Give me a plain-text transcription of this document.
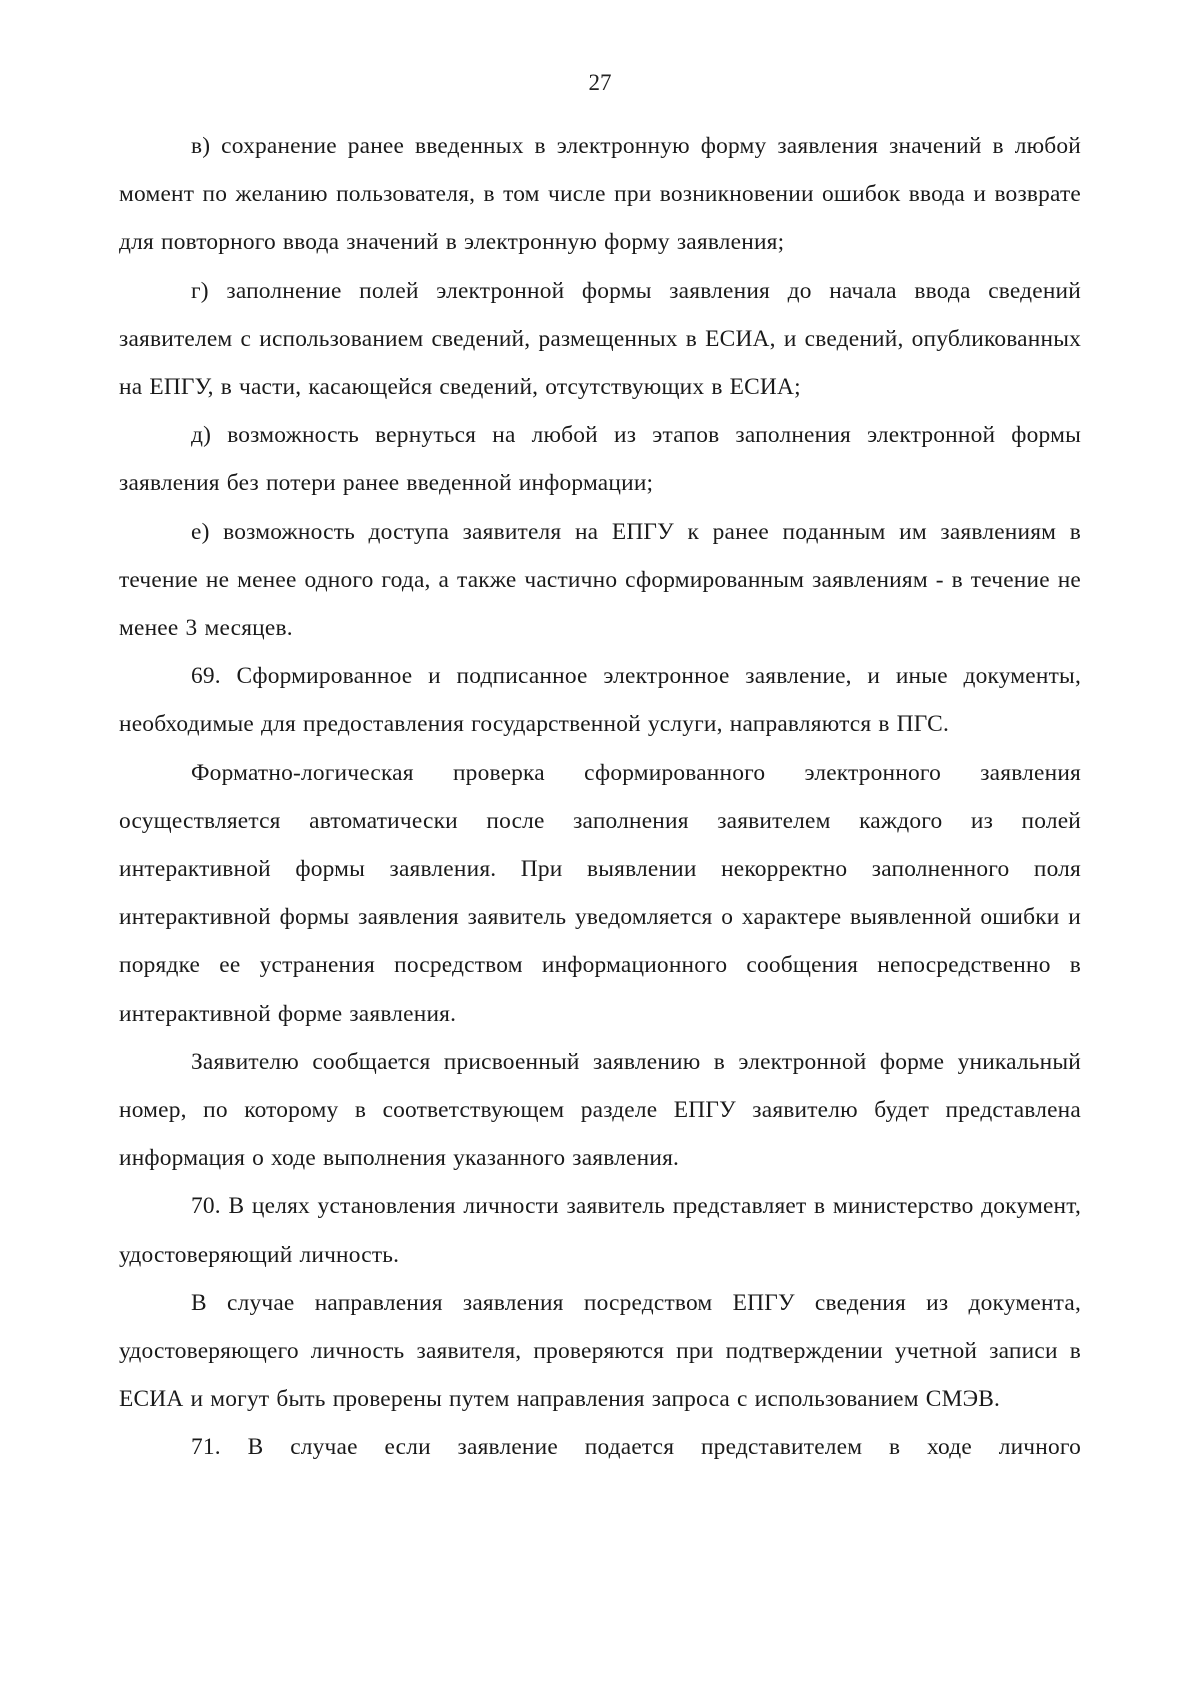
27

в) сохранение ранее введенных в электронную форму заявления значений в любой момент по желанию пользователя, в том числе при возникновении ошибок ввода и возврате для повторного ввода значений в электронную форму заявления;

г) заполнение полей электронной формы заявления до начала ввода сведений заявителем с использованием сведений, размещенных в ЕСИА, и сведений, опубликованных на ЕПГУ, в части, касающейся сведений, отсутствующих в ЕСИА;

д) возможность вернуться на любой из этапов заполнения электронной формы заявления без потери ранее введенной информации;

е) возможность доступа заявителя на ЕПГУ к ранее поданным им заявлениям в течение не менее одного года, а также частично сформированным заявлениям - в течение не менее 3 месяцев.

69. Сформированное и подписанное электронное заявление, и иные документы, необходимые для предоставления государственной услуги, направляются в ПГС.

Форматно-логическая проверка сформированного электронного заявления осуществляется автоматически после заполнения заявителем каждого из полей интерактивной формы заявления. При выявлении некорректно заполненного поля интерактивной формы заявления заявитель уведомляется о характере выявленной ошибки и порядке ее устранения посредством информационного сообщения непосредственно в интерактивной форме заявления.

Заявителю сообщается присвоенный заявлению в электронной форме уникальный номер, по которому в соответствующем разделе ЕПГУ заявителю будет представлена информация о ходе выполнения указанного заявления.

70. В целях установления личности заявитель представляет в министерство документ, удостоверяющий личность.

В случае направления заявления посредством ЕПГУ сведения из документа, удостоверяющего личность заявителя, проверяются при подтверждении учетной записи в ЕСИА и могут быть проверены путем направления запроса с использованием СМЭВ.

71. В случае если заявление подается представителем в ходе личного
